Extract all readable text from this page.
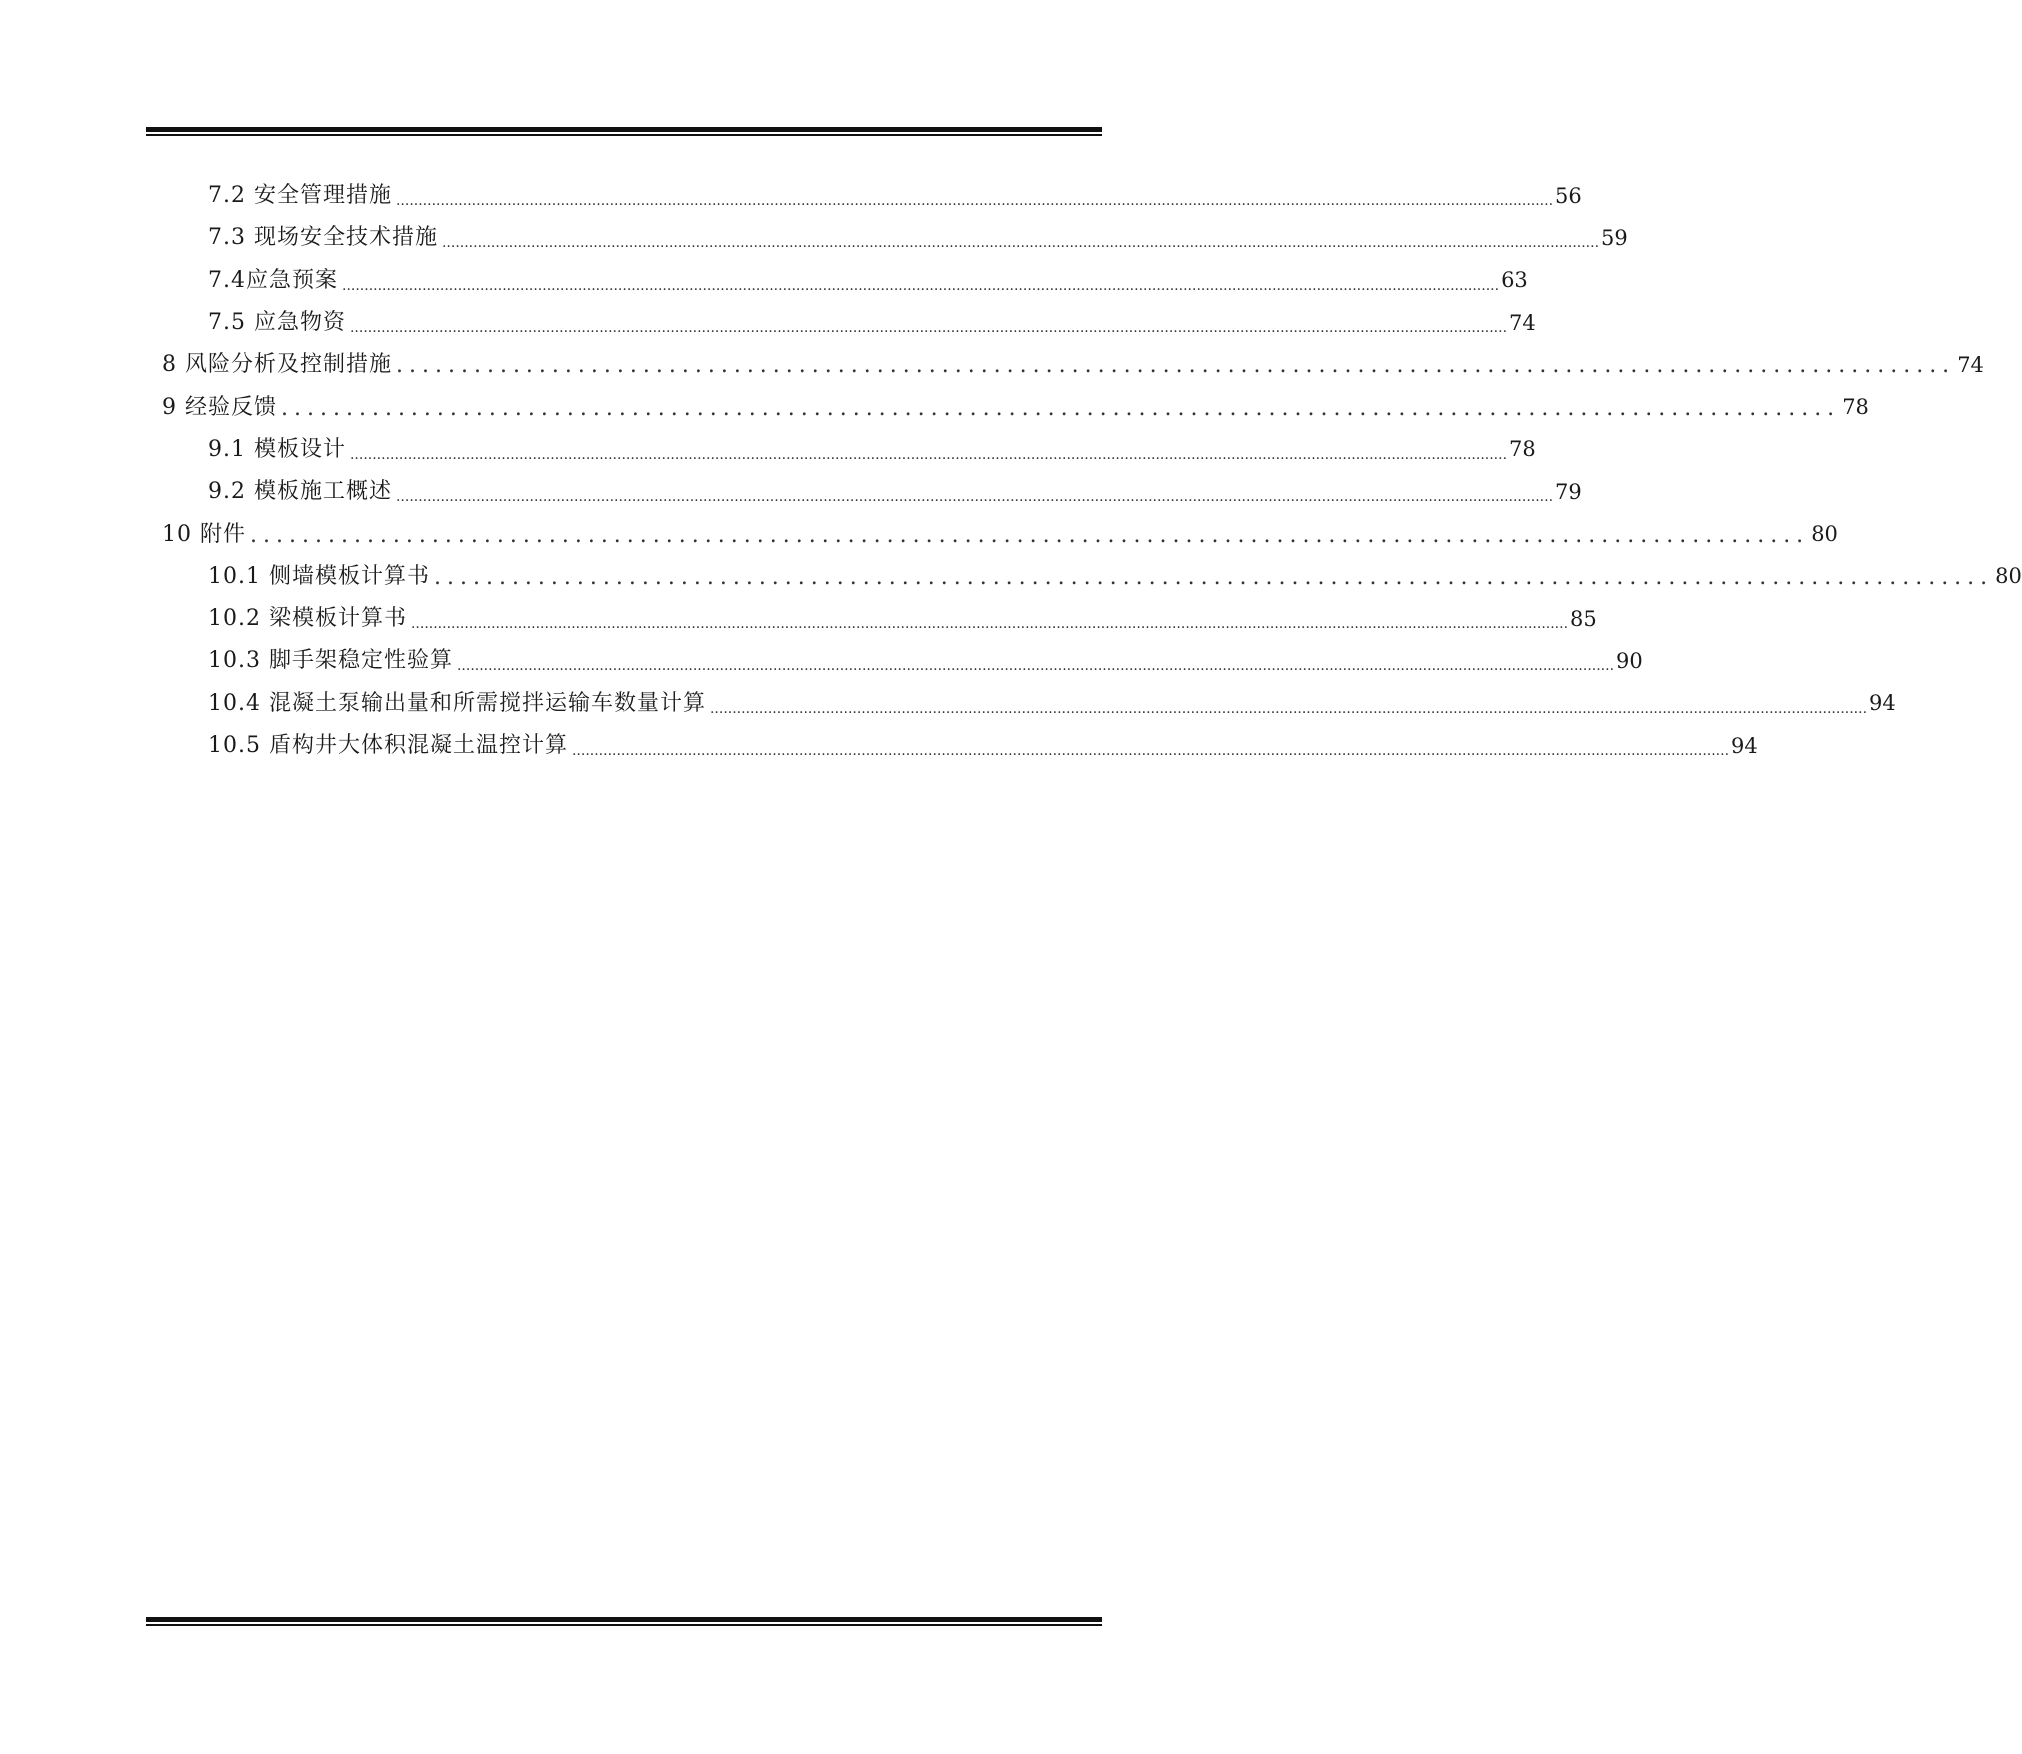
7.2 安全管理措施 .................................................................................................................................................................................................................................................................... 56
7.3 现场安全技术措施 .................................................................................................................................................................................................................................................................... 59
7.4应急预案 .................................................................................................................................................................................................................................................................... 63
7.5 应急物资 .................................................................................................................................................................................................................................................................... 74
8 风险分析及控制措施 ........................................................................................................................ 74
9 经验反馈 ........................................................................................................................ 78
9.1 模板设计 .................................................................................................................................................................................................................................................................... 78
9.2 模板施工概述 .................................................................................................................................................................................................................................................................... 79
10 附件 ........................................................................................................................ 80
10.1 侧墙模板计算书 ........................................................................................................................ 80
10.2 梁模板计算书 .................................................................................................................................................................................................................................................................... 85
10.3 脚手架稳定性验算 .................................................................................................................................................................................................................................................................... 90
10.4 混凝土泵输出量和所需搅拌运输车数量计算 .................................................................................................................................................................................................................................................................... 94
10.5 盾构井大体积混凝土温控计算 .................................................................................................................................................................................................................................................................... 94
